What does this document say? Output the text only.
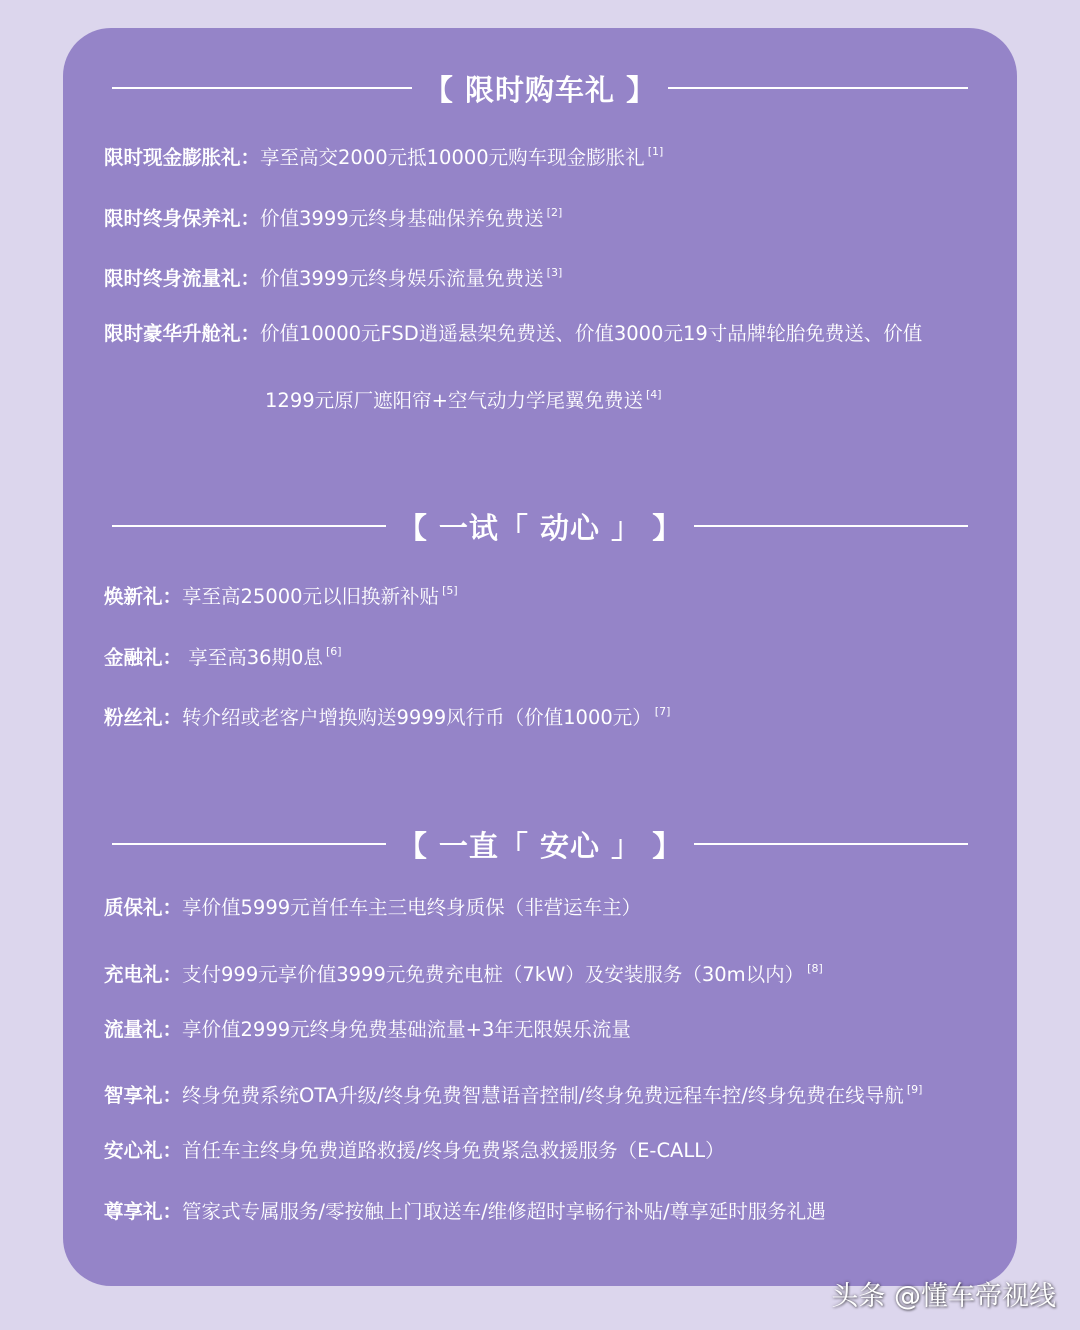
【 限时购车礼 】
限时现金膨胀礼：享至高交2000元抵10000元购车现金膨胀礼 [1]
限时终身保养礼：价值3999元终身基础保养免费送 [2]
限时终身流量礼：价值3999元终身娱乐流量免费送 [3]
限时豪华升舱礼：价值10000元FSD逍遥悬架免费送、价值3000元19寸品牌轮胎免费送、价值
1299元原厂遮阳帘+空气动力学尾翼免费送 [4]
【 一试「 动心 」 】
焕新礼：享至高25000元以旧换新补贴 [5]
金融礼： 享至高36期0息 [6]
粉丝礼：转介绍或老客户增换购送9999风行币（价值1000元） [7]
【 一直「 安心 」 】
质保礼：享价值5999元首任车主三电终身质保（非营运车主）
充电礼：支付999元享价值3999元免费充电桩（7kW）及安装服务（30m以内） [8]
流量礼：享价值2999元终身免费基础流量+3年无限娱乐流量
智享礼：终身免费系统OTA升级/终身免费智慧语音控制/终身免费远程车控/终身免费在线导航 [9]
安心礼：首任车主终身免费道路救援/终身免费紧急救援服务（E-CALL）
尊享礼：管家式专属服务/零按触上门取送车/维修超时享畅行补贴/尊享延时服务礼遇
头条 @懂车帝视线
